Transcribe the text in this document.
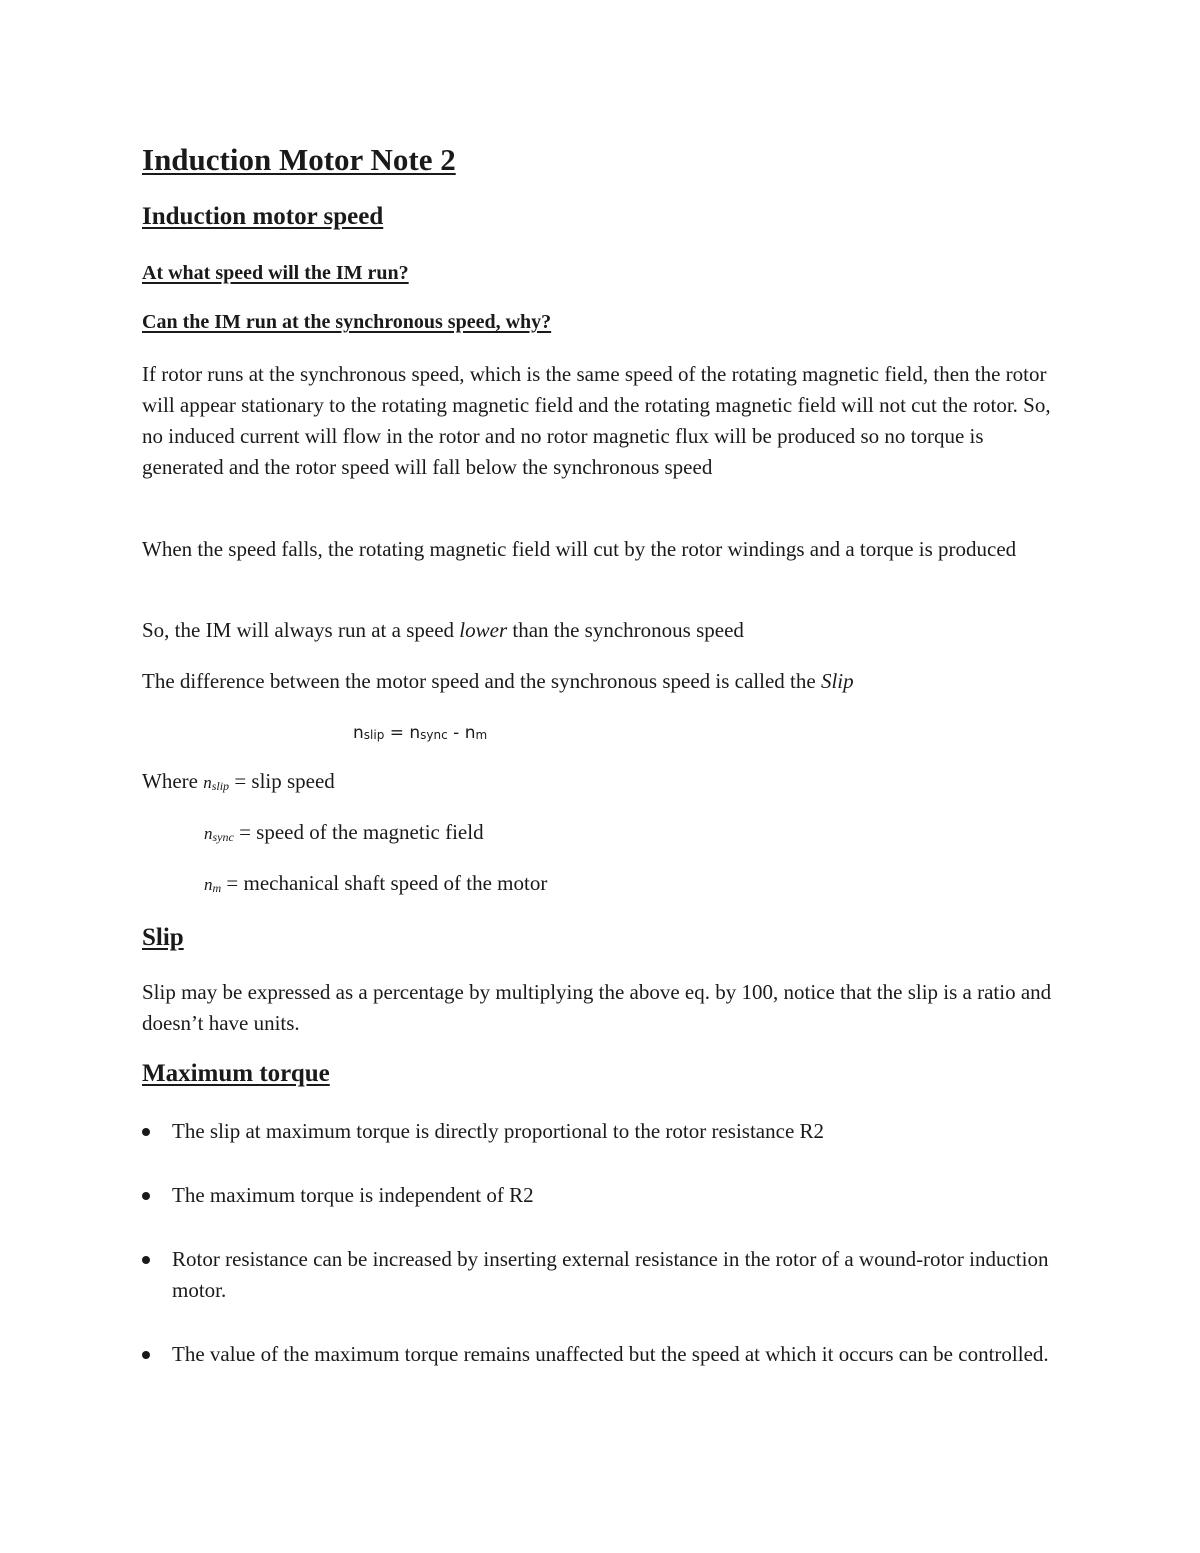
Induction Motor Note 2
Induction motor speed
At what speed will the IM run?
Can the IM run at the synchronous speed, why?

If rotor runs at the synchronous speed, which is the same speed of the rotating magnetic field, then the rotor will appear stationary to the rotating magnetic field and the rotating magnetic field will not cut the rotor. So, no induced current will flow in the rotor and no rotor magnetic flux will be produced so no torque is generated and the rotor speed will fall below the synchronous speed

When the speed falls, the rotating magnetic field will cut by the rotor windings and a torque is produced

So, the IM will always run at a speed lower than the synchronous speed

The difference between the motor speed and the synchronous speed is called the Slip

$n_{slip} = n_{sync} - n_m$
Where $n_{slip}$ = slip speed
$n_{sync}$ = speed of the magnetic field
$n_m$ = mechanical shaft speed of the motor
Slip

Slip may be expressed as a percentage by multiplying the above eq. by 100, notice that the slip is a ratio and doesn’t have units.

Maximum torque
The slip at maximum torque is directly proportional to the rotor resistance R2
The maximum torque is independent of R2
Rotor resistance can be increased by inserting external resistance in the rotor of a wound-rotor induction motor.
The value of the maximum torque remains unaffected but the speed at which it occurs can be controlled.
